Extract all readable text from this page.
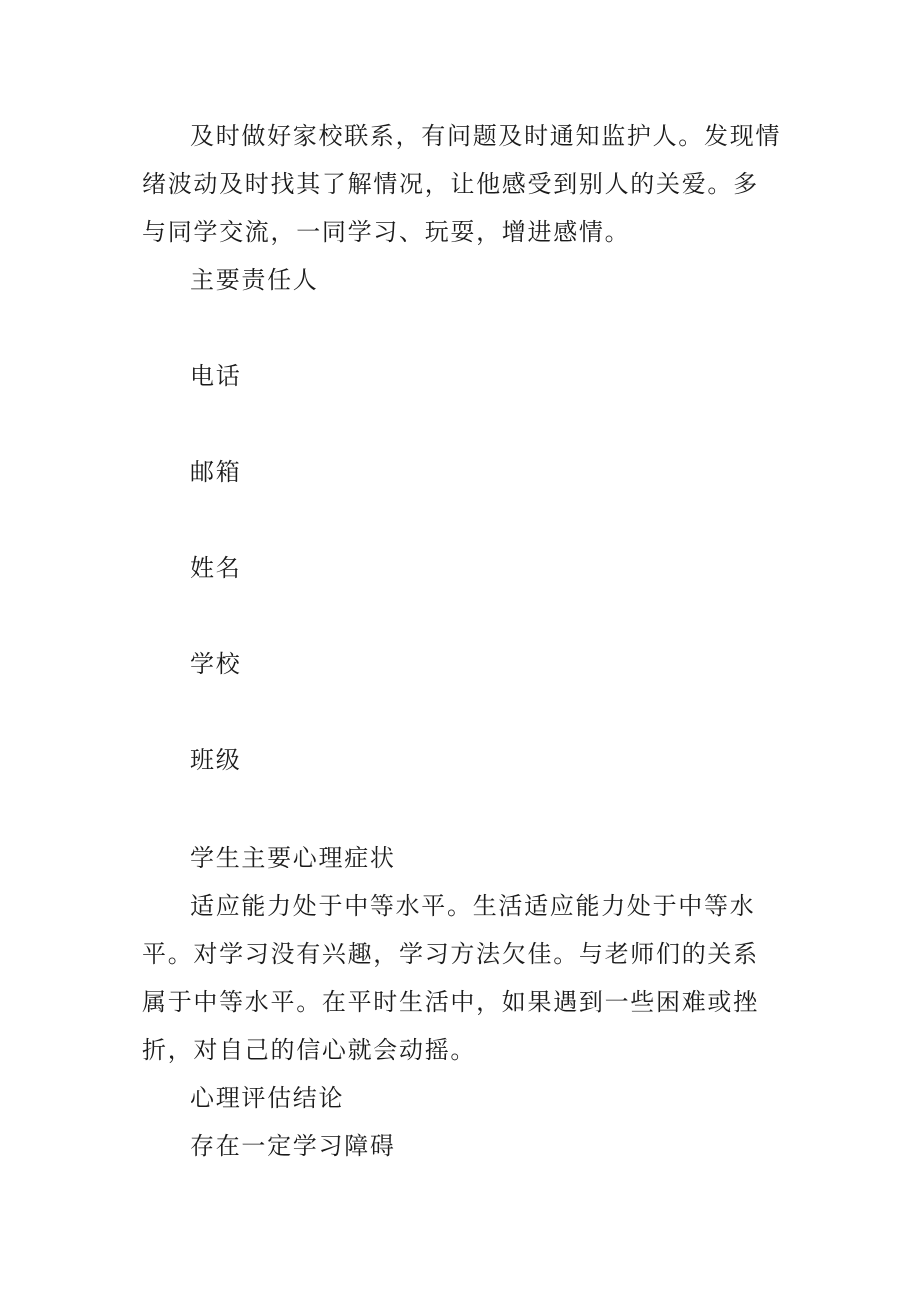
及时做好家校联系，有问题及时通知监护人。发现情绪波动及时找其了解情况，让他感受到别人的关爱。多与同学交流，一同学习、玩耍，增进感情。

主要责任人

电话

邮箱

姓名

学校

班级

学生主要心理症状

适应能力处于中等水平。生活适应能力处于中等水平。对学习没有兴趣，学习方法欠佳。与老师们的关系属于中等水平。在平时生活中，如果遇到一些困难或挫折，对自己的信心就会动摇。

心理评估结论

存在一定学习障碍
